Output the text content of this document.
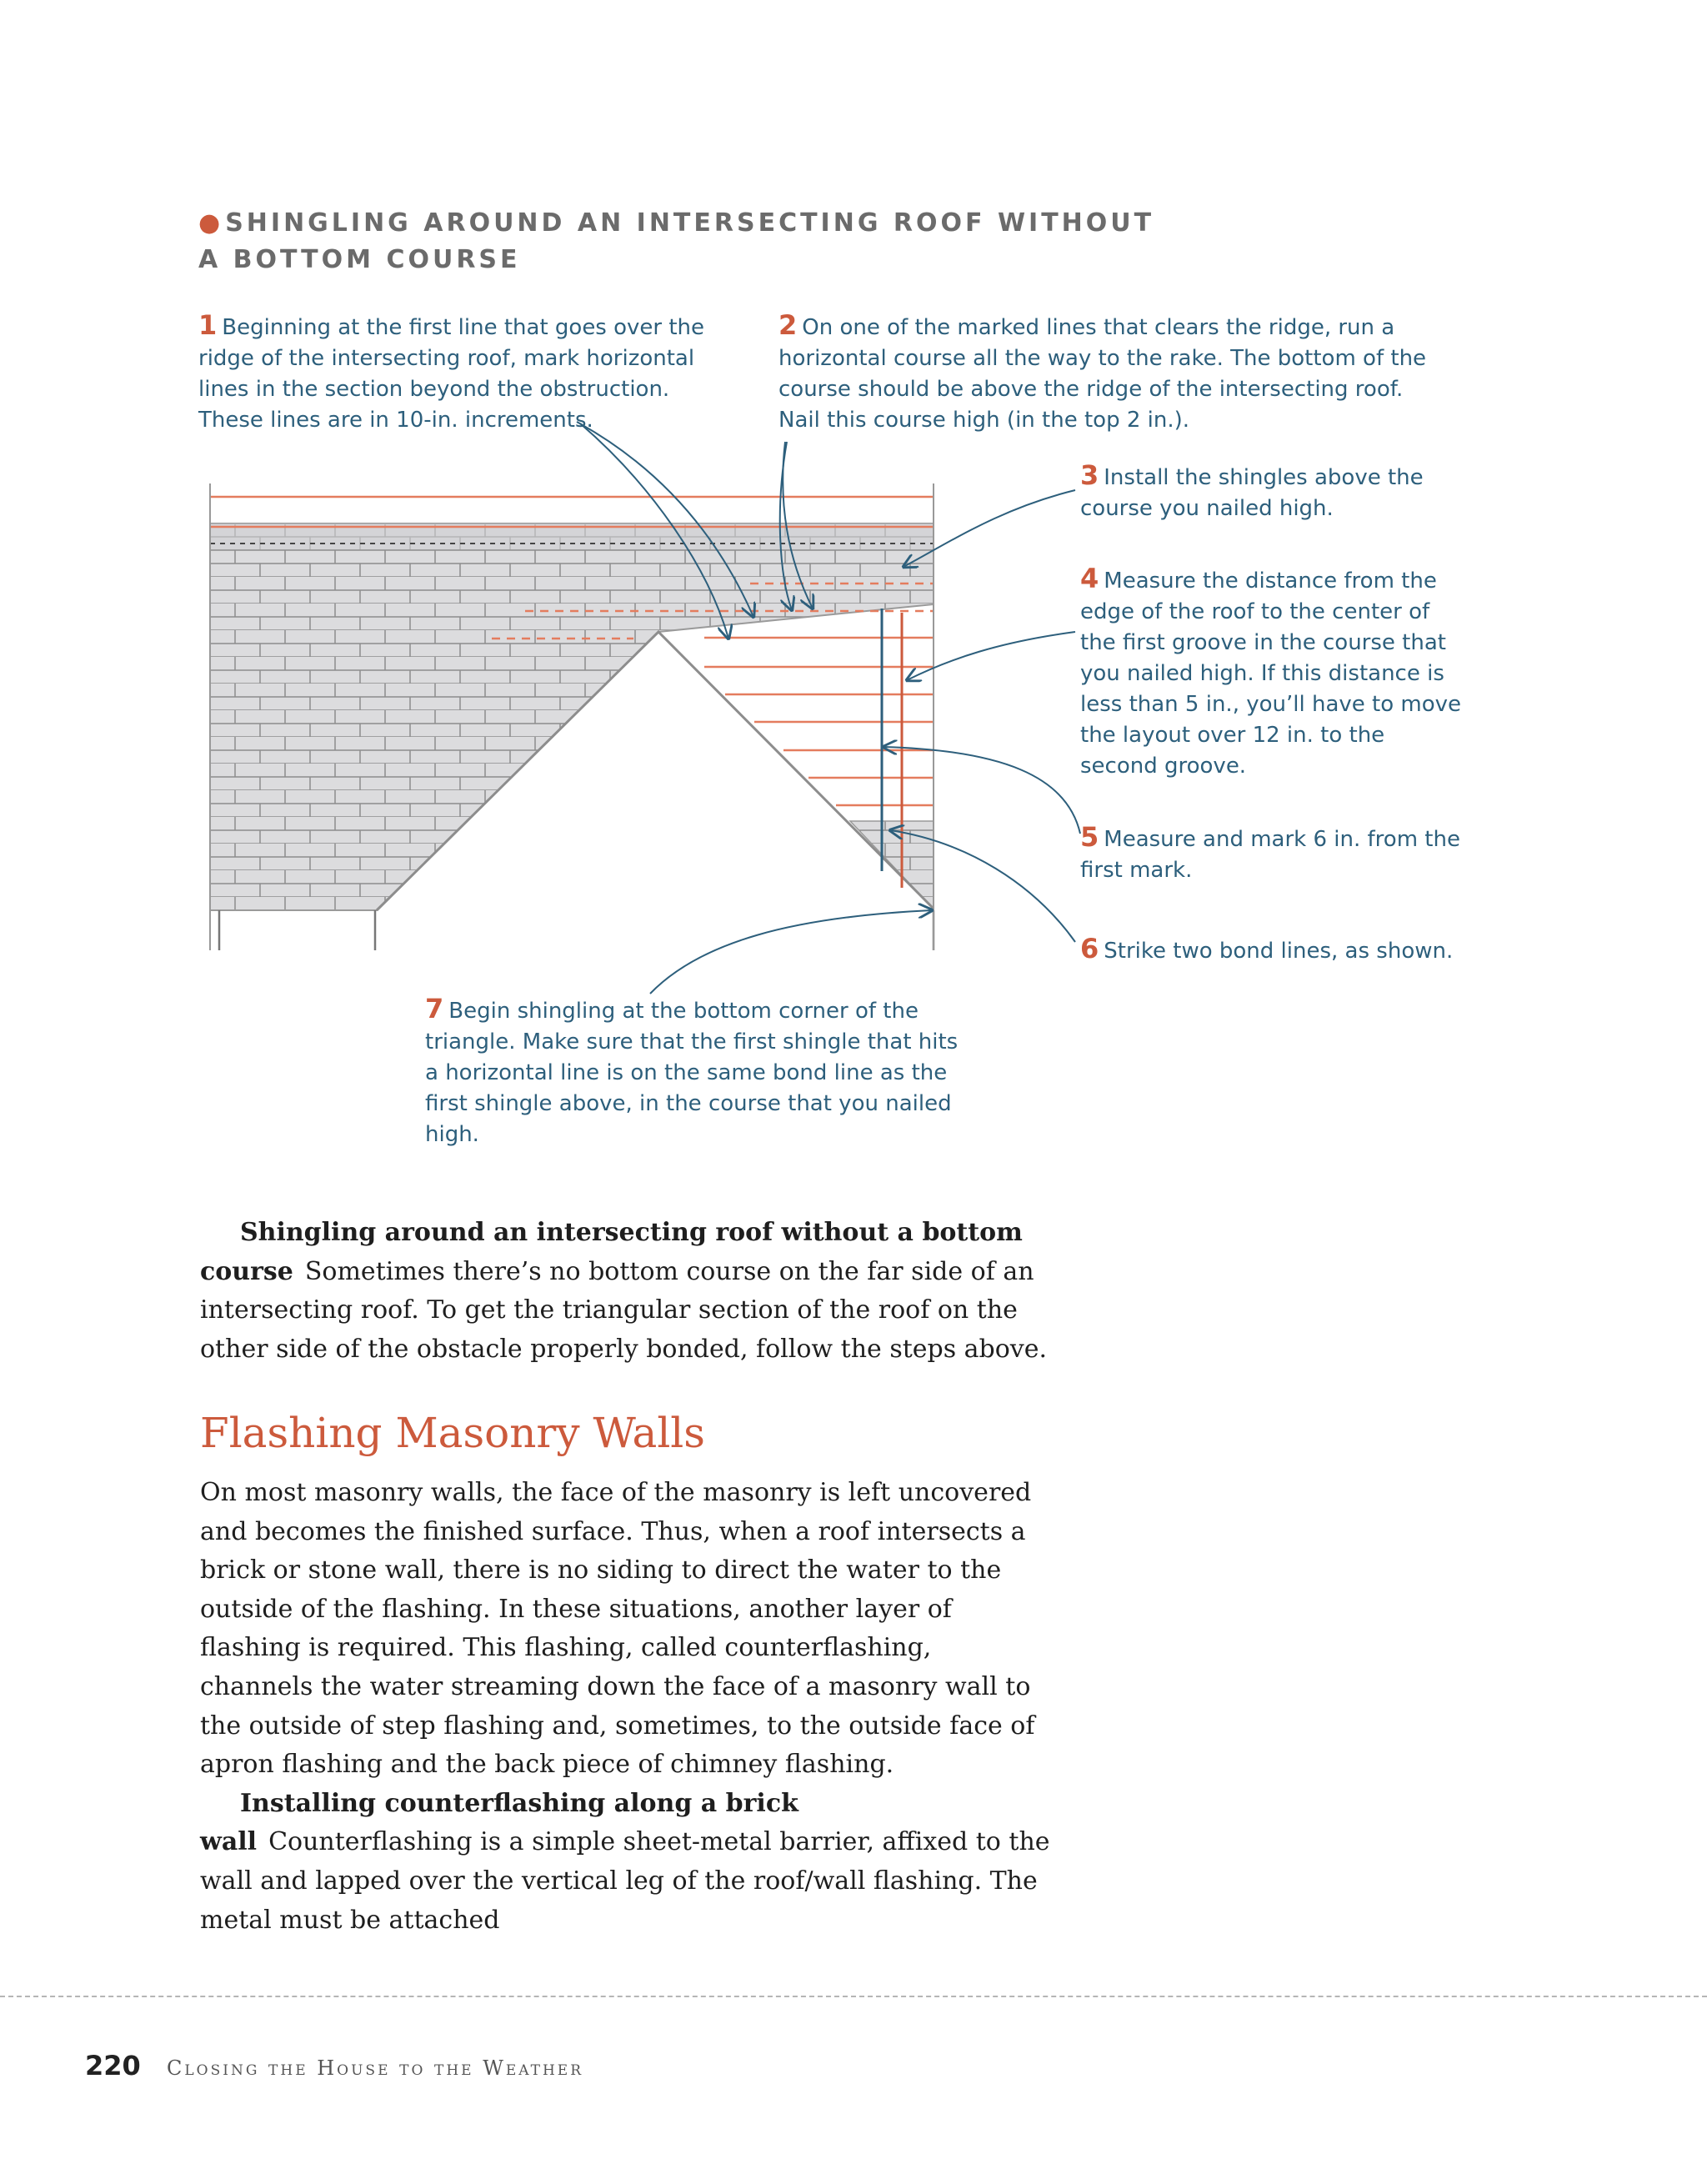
● SHINGLING AROUND AN INTERSECTING ROOF WITHOUT
A BOTTOM COURSE
1 Beginning at the first line that goes over the ridge of the intersecting roof, mark horizontal lines in the section beyond the obstruction. These lines are in 10-in. increments.
2 On one of the marked lines that clears the ridge, run a horizontal course all the way to the rake. The bottom of the course should be above the ridge of the intersecting roof. Nail this course high (in the top 2 in.).
3 Install the shingles above the course you nailed high.
4 Measure the distance from the edge of the roof to the center of the first groove in the course that you nailed high. If this distance is less than 5 in., you’ll have to move the layout over 12 in. to the second groove.
5 Measure and mark 6 in. from the first mark.
6 Strike two bond lines, as shown.
7 Begin shingling at the bottom corner of the triangle. Make sure that the first shingle that hits a horizontal line is on the same bond line as the first shingle above, in the course that you nailed high.

Shingling around an intersecting roof without a bottom course Sometimes there’s no bottom course on the far side of an intersecting roof. To get the triangular section of the roof on the other side of the obstacle properly bonded, follow the steps above.

Flashing Masonry Walls

On most masonry walls, the face of the masonry is left uncovered and becomes the finished surface. Thus, when a roof intersects a brick or stone wall, there is no siding to direct the water to the outside of the flashing. In these situations, another layer of flashing is required. This flashing, called counterflashing, channels the water streaming down the face of a masonry wall to the outside of step flashing and, sometimes, to the outside face of apron flashing and the back piece of chimney flashing.

Installing counterflashing along a brick wall Counterflashing is a simple sheet-metal barrier, affixed to the wall and lapped over the vertical leg of the roof/wall flashing. The metal must be attached

220 Closing the House to the Weather
